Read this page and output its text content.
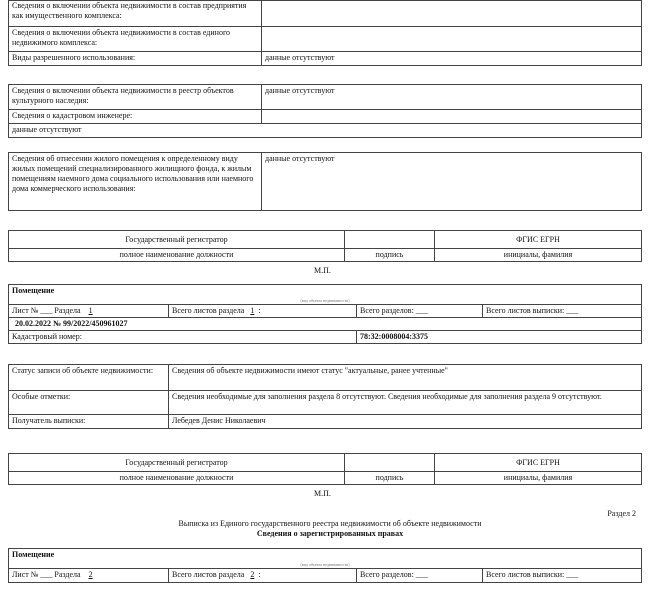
Сведения о включении объекта недвижимости в состав предприятия как имущественного комплекса:	
Сведения о включении объекта недвижимости в состав единого недвижимого комплекса:	
Виды разрешенного использования:	данные отсутствуют
Сведения о включении объекта недвижимости в реестр объектов культурного наследия:	данные отсутствуют
Сведения о кадастровом инженере:	
данные отсутствуют	
Сведения об отнесении жилого помещения к определенному виду жилых помещений специализированного жилищного фонда, к жилым помещениям наемного дома социального использования или наемного дома коммерческого использования:	данные отсутствуют
Государственный регистратор		ФГИС ЕГРН
полное наименование должности	подпись	инициалы, фамилия
М.П.
Помещение			
(вид объекта недвижимости)			
Лист № ___ Раздела 1	Всего листов раздела 1 :	Всего разделов: ___	Всего листов выписки: ___
20.02.2022 № 99/2022/450961027			
Кадастровый номер:		78:32:0008004:3375	
Статус записи об объекте недвижимости:	Сведения об объекте недвижимости имеют статус "актуальные, ранее учтенные"
Особые отметки:	Сведения необходимые для заполнения раздела 8 отсутствуют. Сведения необходимые для заполнения раздела 9 отсутствуют.
Получатель выписки:	Лебедев Денис Николаевич
Государственный регистратор		ФГИС ЕГРН
полное наименование должности	подпись	инициалы, фамилия
М.П.
Раздел 2
Выписка из Единого государственного реестра недвижимости об объекте недвижимости
Сведения о зарегистрированных правах
Помещение
(вид объекта недвижимости)
Лист № ___ Раздела 2	Всего листов раздела 2 :	Всего разделов: ___	Всего листов выписки: ___
